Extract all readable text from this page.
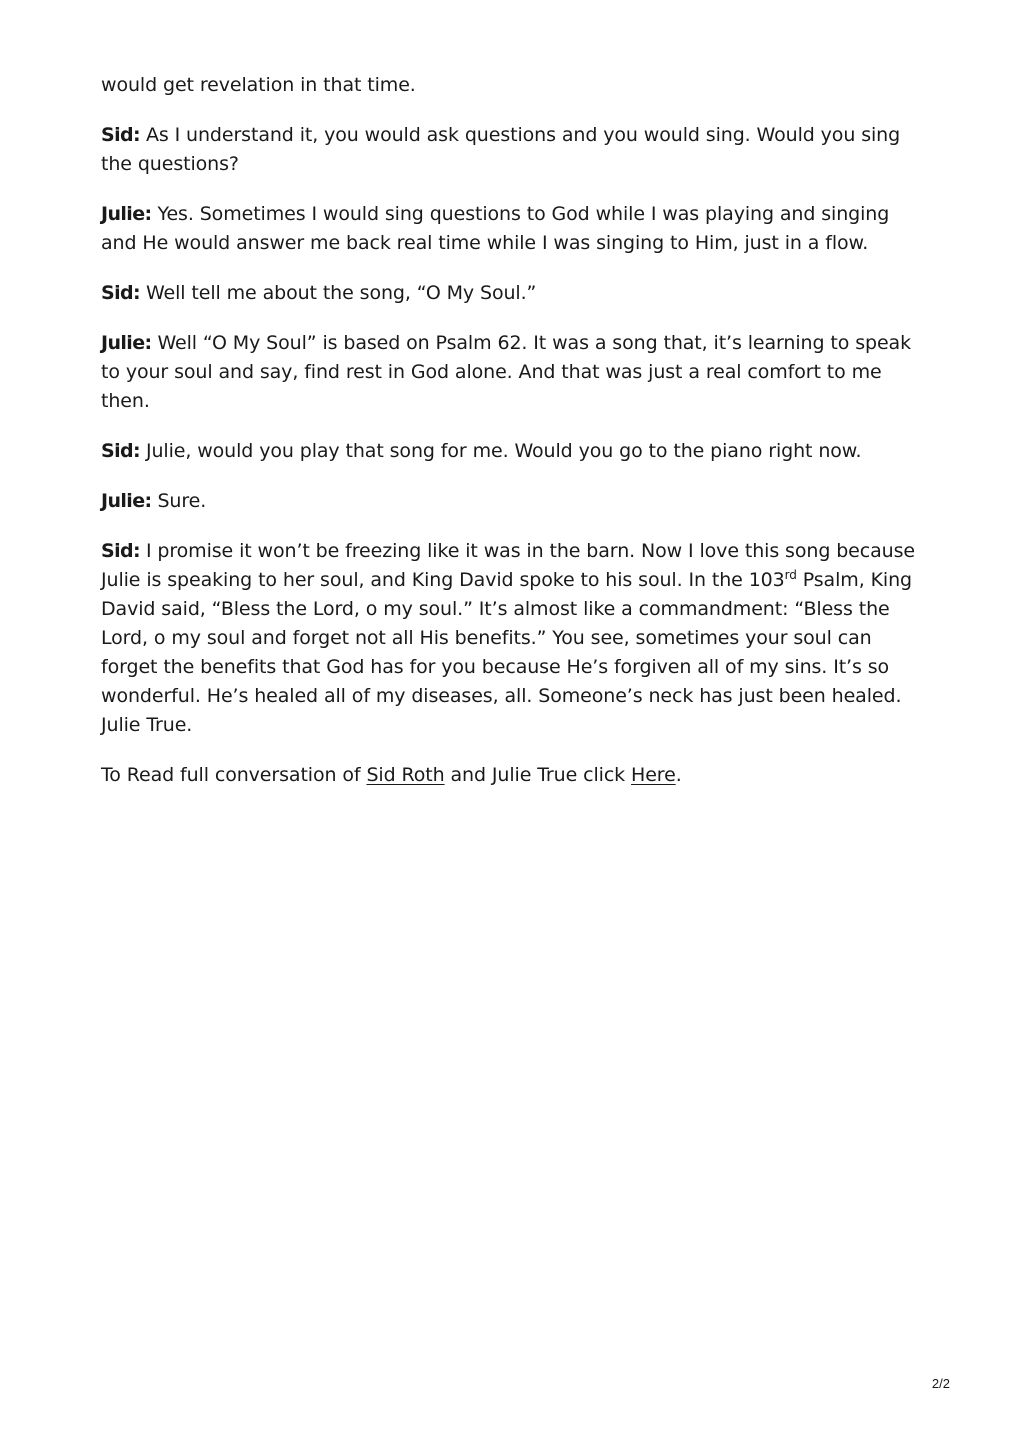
would get revelation in that time.

Sid: As I understand it, you would ask questions and you would sing. Would you sing the questions?

Julie: Yes. Sometimes I would sing questions to God while I was playing and singing and He would answer me back real time while I was singing to Him, just in a flow.

Sid: Well tell me about the song, “O My Soul.”

Julie: Well “O My Soul” is based on Psalm 62. It was a song that, it’s learning to speak to your soul and say, find rest in God alone. And that was just a real comfort to me then.

Sid: Julie, would you play that song for me. Would you go to the piano right now.

Julie: Sure.

Sid: I promise it won’t be freezing like it was in the barn. Now I love this song because Julie is speaking to her soul, and King David spoke to his soul. In the 103rd Psalm, King David said, “Bless the Lord, o my soul.” It’s almost like a commandment: “Bless the Lord, o my soul and forget not all His benefits.” You see, sometimes your soul can forget the benefits that God has for you because He’s forgiven all of my sins. It’s so wonderful. He’s healed all of my diseases, all. Someone’s neck has just been healed. Julie True.

To Read full conversation of Sid Roth and Julie True click Here.

2/2
